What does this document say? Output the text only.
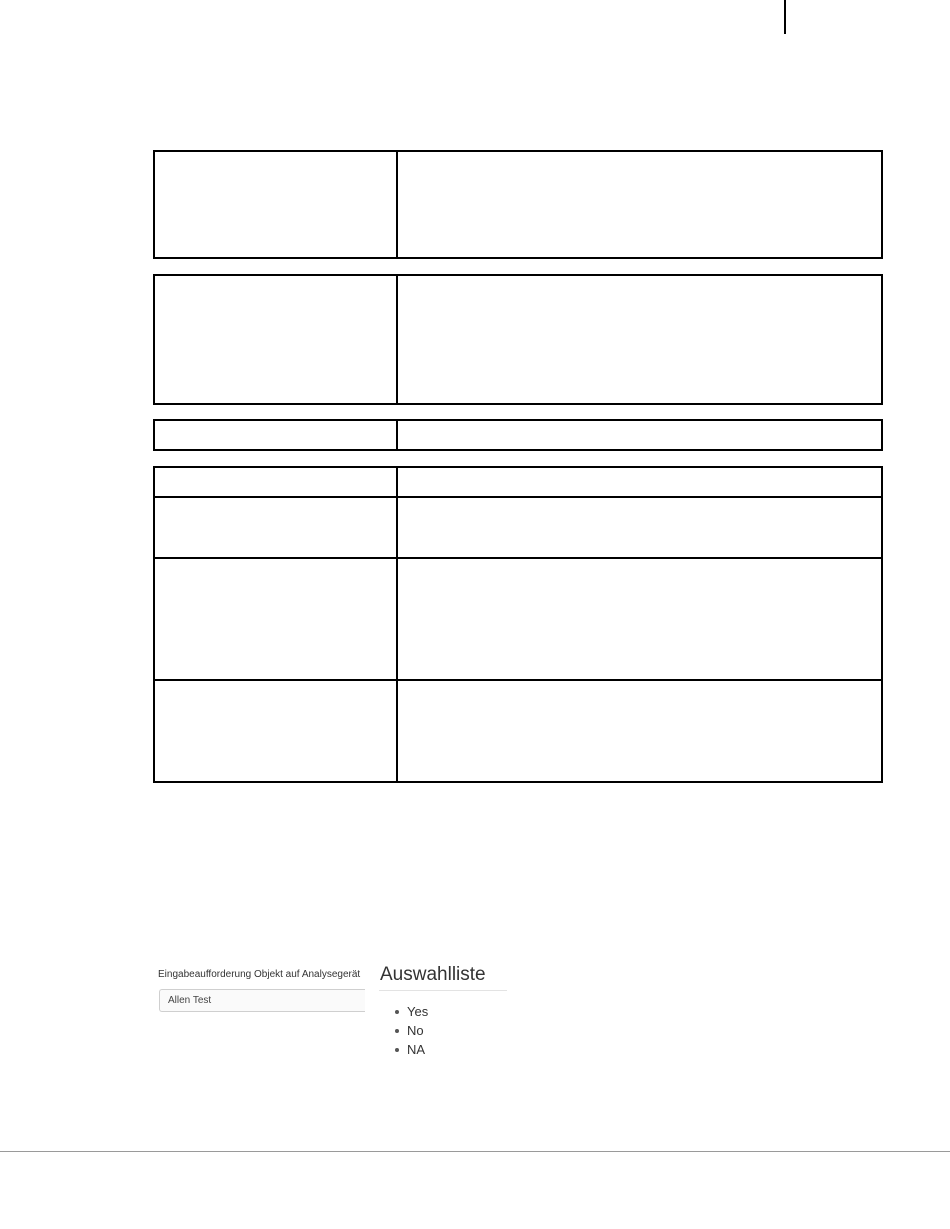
Eingabeaufforderung Objekt auf Analysegerät
Allen Test Auswahlliste
Yes
No
NA
